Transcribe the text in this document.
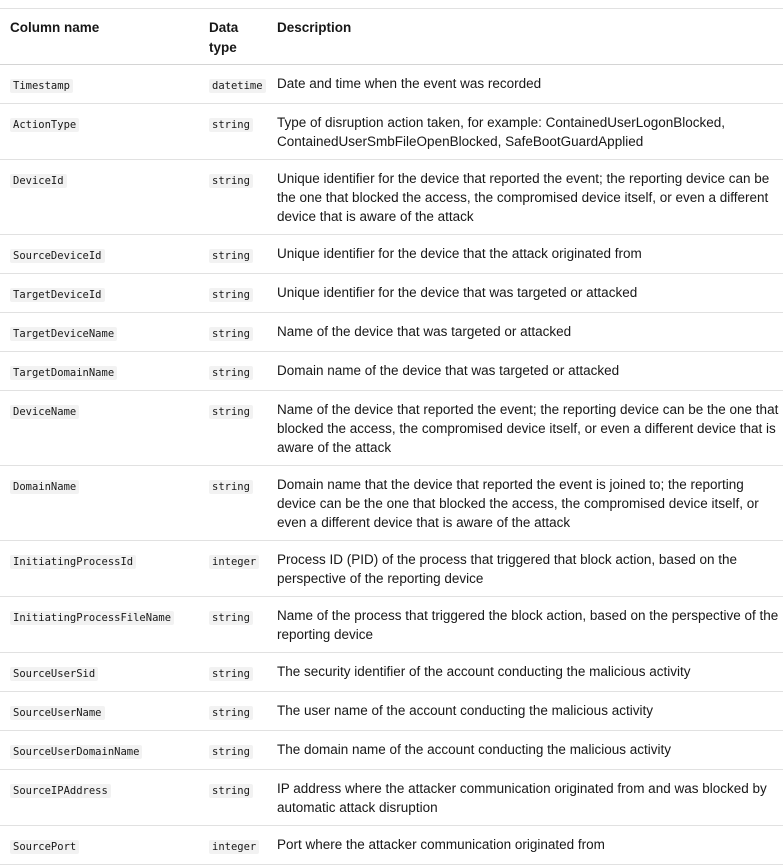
Column name	Data type	Description
Timestamp	datetime	Date and time when the event was recorded
ActionType	string	Type of disruption action taken, for example: ContainedUserLogonBlocked, ContainedUserSmbFileOpenBlocked, SafeBootGuardApplied
DeviceId	string	Unique identifier for the device that reported the event; the reporting device can be the one that blocked the access, the compromised device itself, or even a different device that is aware of the attack
SourceDeviceId	string	Unique identifier for the device that the attack originated from
TargetDeviceId	string	Unique identifier for the device that was targeted or attacked
TargetDeviceName	string	Name of the device that was targeted or attacked
TargetDomainName	string	Domain name of the device that was targeted or attacked
DeviceName	string	Name of the device that reported the event; the reporting device can be the one that blocked the access, the compromised device itself, or even a different device that is aware of the attack
DomainName	string	Domain name that the device that reported the event is joined to; the reporting device can be the one that blocked the access, the compromised device itself, or even a different device that is aware of the attack
InitiatingProcessId	integer	Process ID (PID) of the process that triggered that block action, based on the perspective of the reporting device
InitiatingProcessFileName	string	Name of the process that triggered the block action, based on the perspective of the reporting device
SourceUserSid	string	The security identifier of the account conducting the malicious activity
SourceUserName	string	The user name of the account conducting the malicious activity
SourceUserDomainName	string	The domain name of the account conducting the malicious activity
SourceIPAddress	string	IP address where the attacker communication originated from and was blocked by automatic attack disruption
SourcePort	integer	Port where the attacker communication originated from
